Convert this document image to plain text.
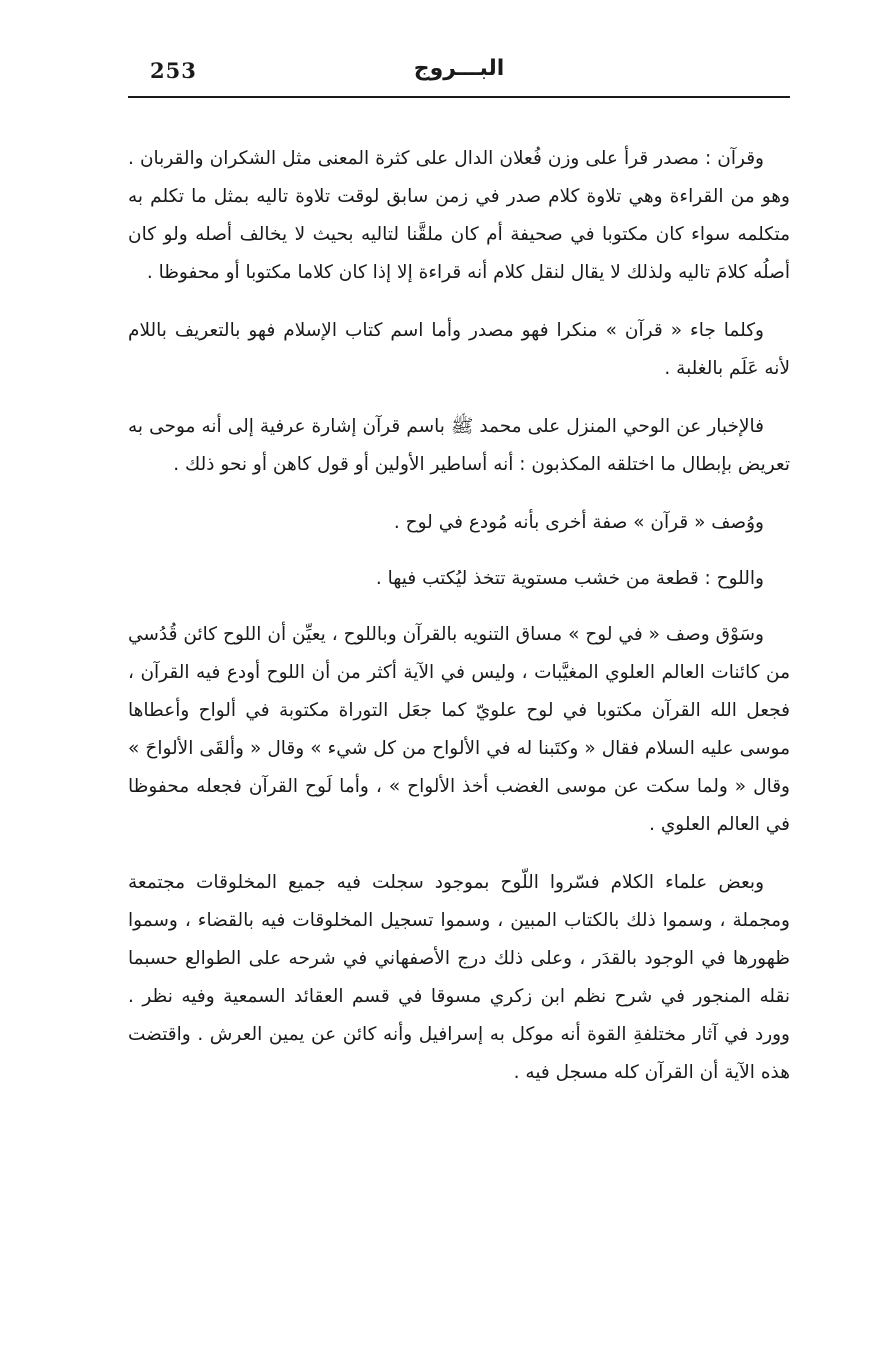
253	البـــروج

وقرآن : مصدر قرأ على وزن فُعلان الدال على كثرة المعنى مثل الشكران والقربان . وهو من القراءة وهي تلاوة كلام صدر في زمن سابق لوقت تلاوة تاليه بمثل ما تكلم به متكلمه سواء كان مكتوبا في صحيفة أم كان ملقَّنا لتاليه بحيث لا يخالف أصله ولو كان أصلُه كلامَ تاليه ولذلك لا يقال لنقل كلام أنه قراءة إلا إذا كان كلاما مكتوبا أو محفوظا .

وكلما جاء « قرآن » منكرا فهو مصدر وأما اسم كتاب الإسلام فهو بالتعريف باللام لأنه عَلَم بالغلبة .

فالإخبار عن الوحي المنزل على محمد ﷺ باسم قرآن إشارة عرفية إلى أنه موحى به تعريض بإبطال ما اختلقه المكذبون : أنه أساطير الأولين أو قول كاهن أو نحو ذلك .

ووُصف « قرآن » صفة أخرى بأنه مُودع في لوح .

واللوح : قطعة من خشب مستوية تتخذ ليُكتب فيها .

وسَوْق وصف « في لوح » مساق التنويه بالقرآن وباللوح ، يعيِّن أن اللوح كائن قُدُسي من كائنات العالم العلوي المغيَّبات ، وليس في الآية أكثر من أن اللوح أودع فيه القرآن ، فجعل الله القرآن مكتوبا في لوح علويّ كما جعَل التوراة مكتوبة في ألواح وأعطاها موسى عليه السلام فقال « وكتَبنا له في الألواح من كل شيء » وقال « وألقَى الألواحَ » وقال « ولما سكت عن موسى الغضب أخذ الألواح » ، وأما لَوح القرآن فجعله محفوظا في العالم العلوي .

وبعض علماء الكلام فسّروا اللّوح بموجود سجلت فيه جميع المخلوقات مجتمعة ومجملة ، وسموا ذلك بالكتاب المبين ، وسموا تسجيل المخلوقات فيه بالقضاء ، وسموا ظهورها في الوجود بالقدَر ، وعلى ذلك درج الأصفهاني في شرحه على الطوالع حسبما نقله المنجور في شرح نظم ابن زكري مسوقا في قسم العقائد السمعية وفيه نظر . وورد في آثار مختلفةِ القوة أنه موكل به إسرافيل وأنه كائن عن يمين العرش . واقتضت هذه الآية أن القرآن كله مسجل فيه .
